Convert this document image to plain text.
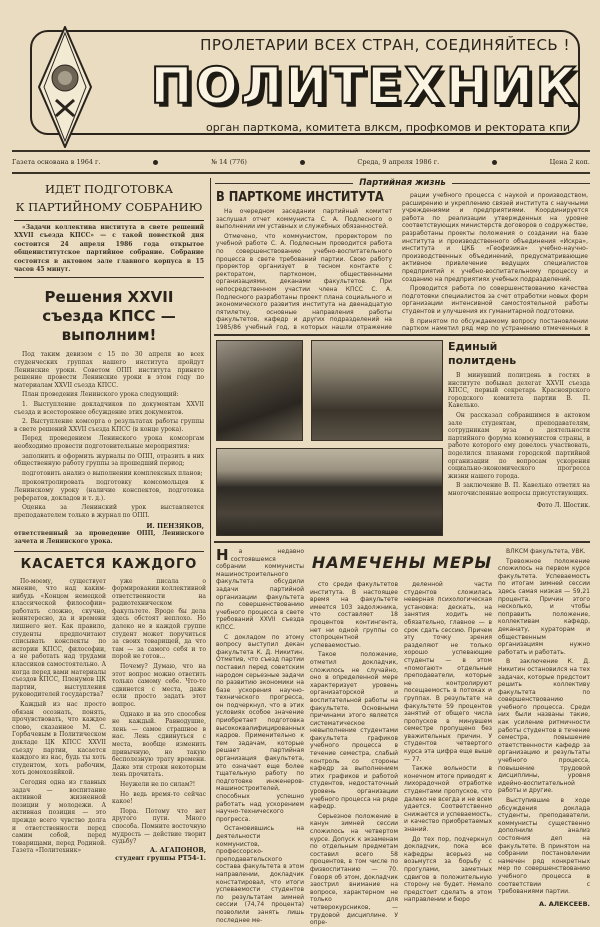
ПРОЛЕТАРИИ ВСЕХ СТРАН, СОЕДИНЯЙТЕСЬ !
ПОЛИТЕХНИК
орган парткома, комитета влксм, профкомов и ректората кпи
Газета основана в 1964 г.	№ 14 (776)	Среда, 9 апреля 1986 г.	Цена 2 коп.
ИДЕТ ПОДГОТОВКА
К ПАРТИЙНОМУ СОБРАНИЮ
«Задачи коллектива института в свете решений XXVII съезда КПСС» — с такой повесткой дня состоится 24 апреля 1986 года открытое общеинститутское партийное собрание. Собрание состоится в актовом зале главного корпуса в 15 часов 45 минут.
Решения XXVII съезда КПСС — выполним!
Под таким девизом с 15 по 30 апреля во всех студенческих группах нашего института пройдут Ленинские уроки. Советом ОПП института принято решение провести Ленинские уроки в этом году по материалам XXVII съезда КПСС.
План проведения Ленинского урока следующий:
1. Выступление докладчиков по документам XXVII съезда и всестороннее обсуждение этих документов.
2. Выступление комсорга о результатах работы группы в свете решений XXVII съезда КПСС (в конце урока).
Перед проведением Ленинского урока комсоргам необходимо провести подготовительные мероприятия:
заполнить и оформить журналы по ОПП, отразить в них общественную работу группы за прошедший период;
подготовить анализ о выполнении комплексных планов;
проконтролировать подготовку комсомольцев к Ленинскому уроку (наличие конспектов, подготовка рефератов, докладов и т. д.).
Оценка за Ленинский урок выставляется преподавателем только в журнал по ОПП.
И. ПЕНЗЯКОВ,
ответственный за проведение ОПП, Ленинского зачета и Ленинского урока.
КАСАЕТСЯ КАЖДОГО
По-моему, существует мнение, что над каким-нибудь «Концом немецкой классической философии» работать сложно, скучно, неинтересно, да и времени лишнего нет. Как правило, студенты предпочитают списывать конспекты по истории КПСС, философии, а не работать над трудами классиков самостоятельно. А когда перед вами материалы съездов КПСС, Пленумов ЦК партии, выступления руководителей государства?
Каждый из нас просто обязан осознать, понять, прочувствовать, что каждое слово, сказанное М. С. Горбачевым в Политическом докладе ЦК КПСС XXVII съезду партии, касается каждого из нас, будь ты хоть студентом, хоть рабочим, хоть домохозяйкой.
Сегодня одна из главных задач — воспитание активной жизненной позиции у молодежи. А активная позиция — это прежде всего чувство долга и ответственности перед самим собой, перед товарищами, перед Родиной. Газета «Политехник»
уже писала о формировании коллективной ответственности на радиотехническом факультете. Вроде бы дела здесь обстоят неплохо. Но далеко не в каждой группе студент может поручиться за своих товарищей, да что там — за самого себя и то порой не готов...
Почему? Думаю, что на этот вопрос можно ответить только самому себе. Что-то сдвинется с места, даже если просто задать этот вопрос.
Однако и на это способен не каждый. Равнодушие, лень — самое страшное в нас. Лень сдвинуться с места, вообще изменить привычную, но такую бесполезную трату времени. Даже эти строки некоторым лень прочитать.
Неужели не по силам?!
Но ведь время-то сейчас какое!
Пора. Потому что нет другого пути. Много способа. Помните восточную мудрость — действие творит судьбу?
А. АГАПОНОВ,
студент группы РТ54-1.
Партийная жизнь
В ПАРТКОМЕ ИНСТИТУТА
На очередном заседании партийный комитет заслушал отчет коммуниста С. А. Подлесного о выполнении им уставных и служебных обязанностей.
Отмечено, что коммунистом, проректором по учебной работе С. А. Подлесным проводится работа по совершенствованию учебно-воспитательного процесса в свете требований партии. Свою работу проректор организует в тесном контакте с ректоратом, парткомом, общественными организациями, деканами факультетов. При непосредственном участии члена КПСС С. А. Подлесного разработаны проект плана социального и экономического развития института на двенадцатую пятилетку, основные направления работы факультетов, кафедр и других подразделений на 1985/86 учебный год, в которых нашли отражение
рации учебного процесса с наукой и производством, расширению и укреплению связей института с научными учреждениями и предприятиями. Координируется работа по реализации утвержденных на уровне соответствующих министерств договоров о содружестве, разработаны проекты положения о создании на базе института и производственного объединения «Искра», института и ЦКБ «Геофизика» учебно-научно-производственных объединений, предусматривающие активное привлечение ведущих специалистов предприятий к учебно-воспитательному процессу и созданию на предприятиях учебных подразделений.
Проводится работа по совершенствованию качества подготовки специалистов за счет отработки новых форм организации интенсивной самостоятельной работы студентов и улучшения их гуманитарной подготовки.
В принятом по обсуждаемому вопросу постановлении партком наметил ряд мер по устранению отмеченных в
Единый
политдень
В минувший политдень в гостях в институте побывал делегат XXVII съезда КПСС, первый секретарь Красноярского городского комитета партии В. П. Кавелько.
Он рассказал собравшимся в актовом зале студентам, преподавателям, сотрудникам вуза о деятельности партийного форума коммунистов страны, в работе которого ему довелось участвовать, поделился планами городской партийной организации по вопросам ускорения социально-экономического прогресса жизни нашего города.
В заключение В. П. Кавелько ответил на многочисленные вопросы присутствующих.
Фото Л. Шостик.
НАМЕЧЕНЫ МЕРЫ
Н	а недавно состоявшемся собрании коммунисты машиностроительного факультета обсудили задачи партийной организации факультета по совершенствованию учебного процесса в свете требований XXVII съезда КПСС.
С докладом по этому вопросу выступил декан факультета К. Д. Никитин. Отметив, что съезд партии поставил перед советским народом серьезные задачи по развитию экономики на базе ускорения научно-технического прогресса, он подчеркнул, что в этих условиях особое значение приобретает подготовка высококвалифицированных кадров. Применительно к тем задачам, которые решает партийная организация факультета, это означает еще более тщательную работу по подготовке инженеров-машиностроителей, способных успешно работать над ускорением научно-технического прогресса.
Остановившись на деятельности коммунистов, профессорско-преподавательского состава факультета в этом направлении, докладчик констатировал, что итоги успеваемости студентов по результатам зимней сессии (74,74 процента) позволили занять лишь последнее ме-
сто среди факультетов института. В настоящее время на факультете имеется 103 задолжника, что составляет 18 процентов контингента, нет ни одной группы со стопроцентной успеваемостью.
Такое положение, отметил докладчик, сложилось не случайно, оно в определенной мере характеризует уровень организаторской и воспитательной работы на факультете. Основными причинами этого является систематическое невыполнение студентами факультета графиков учебного процесса в течение семестра, слабый контроль со стороны кафедр за выполнением этих графиков и работой студентов, недостаточный уровень организации учебного процесса на ряде кафедр.
Серьезное положение в канун зимней сессии сложилось на четвертом курсе. Допуск к экзаменам по отдельным предметам составил всего 58 процентов, в том числе по физвоспитанию — 70. Говоря об этом, докладчик заострил внимание на вопросе, характерном не только для четверокурсников, — трудовой дисциплине. У опре-
деленной части студентов сложилась неверная психологическая установка: дескать, на занятия ходить не обязательно, главное — в срок сдать сессию. Причем эту точку зрения разделяют не только хорошо успевающие студенты — в этом «помогают» отдельные преподаватели, которые не контролируют посещаемость в потоках и группах. В результате на факультете 59 процентов занятий от общего числа пропусков в минувшем семестре пропущено без уважительных причин. У студентов четвертого курса эта цифра еще выше — 77.
Также вольности в конечном итоге приводят к лихорадочной отработке студентами пропусков, что далеко не всегда и не всем удается. Соответственно снижается и успеваемость, и качество приобретаемых знаний.
До тех пор, подчеркнул докладчик, пока все кафедры всерьез не возьмутся за борьбу с прогулами, заметных сдвигов в положительную сторону не будет. Немало предстоит сделать в этом направлении и бюро
ВЛКСМ факультета, УВК.
Тревожное положение сложилось на первом курсе факультета. Успеваемость по итогам зимней сессии здесь самая низкая — 59,21 процента. Причин этого несколько, и чтобы поправить положение, коллективам кафедр, деканату, кураторам и общественным организациям нужно работать и работать.
В заключение К. Д. Никитин остановился на тех задачах, которые предстоит решить коллективу факультета по совершенствованию учебного процесса. Среди них были названы такие, как усиление ритмичности работы студентов в течение семестра, повышение ответственности кафедр за организацию и результаты учебного процесса, повышение трудовой дисциплины, уровня идейно-воспитательной работы и другие.
Выступившие в ходе обсуждения доклада студенты, преподаватели, коммунисты существенно дополнили анализ состояния дел на факультете. В принятом на собрании постановлении намечен ряд конкретных мер по совершенствованию учебного процесса в соответствии с требованиями партии.
А. АЛЕКСЕЕВ.
